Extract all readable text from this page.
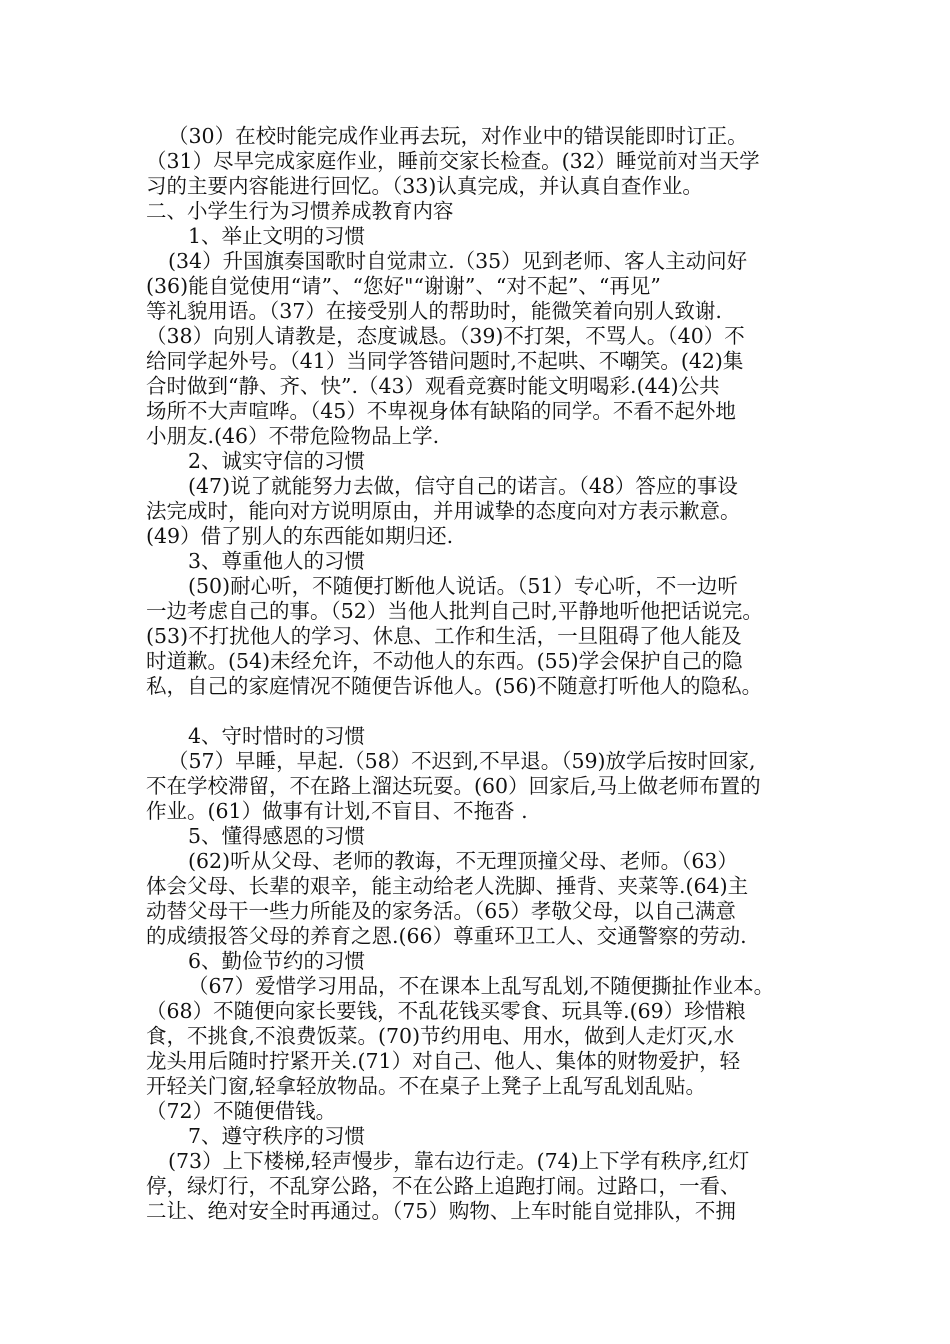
（30）在校时能完成作业再去玩，对作业中的错误能即时订正。
（31）尽早完成家庭作业，睡前交家长检查。(32）睡觉前对当天学
习的主要内容能进行回忆。（33)认真完成，并认真自查作业。
二、小学生行为习惯养成教育内容
1、举止文明的习惯
(34）升国旗奏国歌时自觉肃立.（35）见到老师、客人主动问好
(36)能自觉使用“请”、“您好"“谢谢”、“对不起”、“再见”
等礼貌用语。（37）在接受别人的帮助时，能微笑着向别人致谢.
（38）向别人请教是，态度诚恳。（39)不打架，不骂人。（40）不
给同学起外号。（41）当同学答错问题时,不起哄、不嘲笑。(42)集
合时做到“静、齐、快”.（43）观看竞赛时能文明喝彩.(44)公共
场所不大声喧哗。（45）不卑视身体有缺陷的同学。不看不起外地
小朋友.(46）不带危险物品上学.
2、诚实守信的习惯
(47)说了就能努力去做，信守自己的诺言。（48）答应的事设
法完成时，能向对方说明原由，并用诚挚的态度向对方表示歉意。
(49）借了别人的东西能如期归还.
3、尊重他人的习惯
(50)耐心听，不随便打断他人说话。（51）专心听，不一边听
一边考虑自己的事。（52）当他人批判自己时,平静地听他把话说完。
(53)不打扰他人的学习、休息、工作和生活，一旦阻碍了他人能及
时道歉。(54)未经允许，不动他人的东西。(55)学会保护自己的隐
私，自己的家庭情况不随便告诉他人。(56)不随意打听他人的隐私。
4、守时惜时的习惯
（57）早睡，早起.（58）不迟到,不早退。（59)放学后按时回家,
不在学校滞留，不在路上溜达玩耍。(60）回家后,马上做老师布置的
作业。(61）做事有计划,不盲目、不拖沓 .
5、懂得感恩的习惯
(62)听从父母、老师的教诲，不无理顶撞父母、老师。（63）
体会父母、长辈的艰辛，能主动给老人洗脚、捶背、夹菜等.(64)主
动替父母干一些力所能及的家务活。（65）孝敬父母，以自己满意
的成绩报答父母的养育之恩.(66）尊重环卫工人、交通警察的劳动.
6、勤俭节约的习惯
（67）爱惜学习用品，不在课本上乱写乱划,不随便撕扯作业本。
（68）不随便向家长要钱，不乱花钱买零食、玩具等.(69）珍惜粮
食，不挑食,不浪费饭菜。(70)节约用电、用水，做到人走灯灭,水
龙头用后随时拧紧开关.(71）对自己、他人、集体的财物爱护，轻
开轻关门窗,轻拿轻放物品。不在桌子上凳子上乱写乱划乱贴。
（72）不随便借钱。
7、遵守秩序的习惯
(73）上下楼梯,轻声慢步，靠右边行走。(74)上下学有秩序,红灯
停，绿灯行，不乱穿公路，不在公路上追跑打闹。过路口，一看、
二让、绝对安全时再通过。（75）购物、上车时能自觉排队，不拥
